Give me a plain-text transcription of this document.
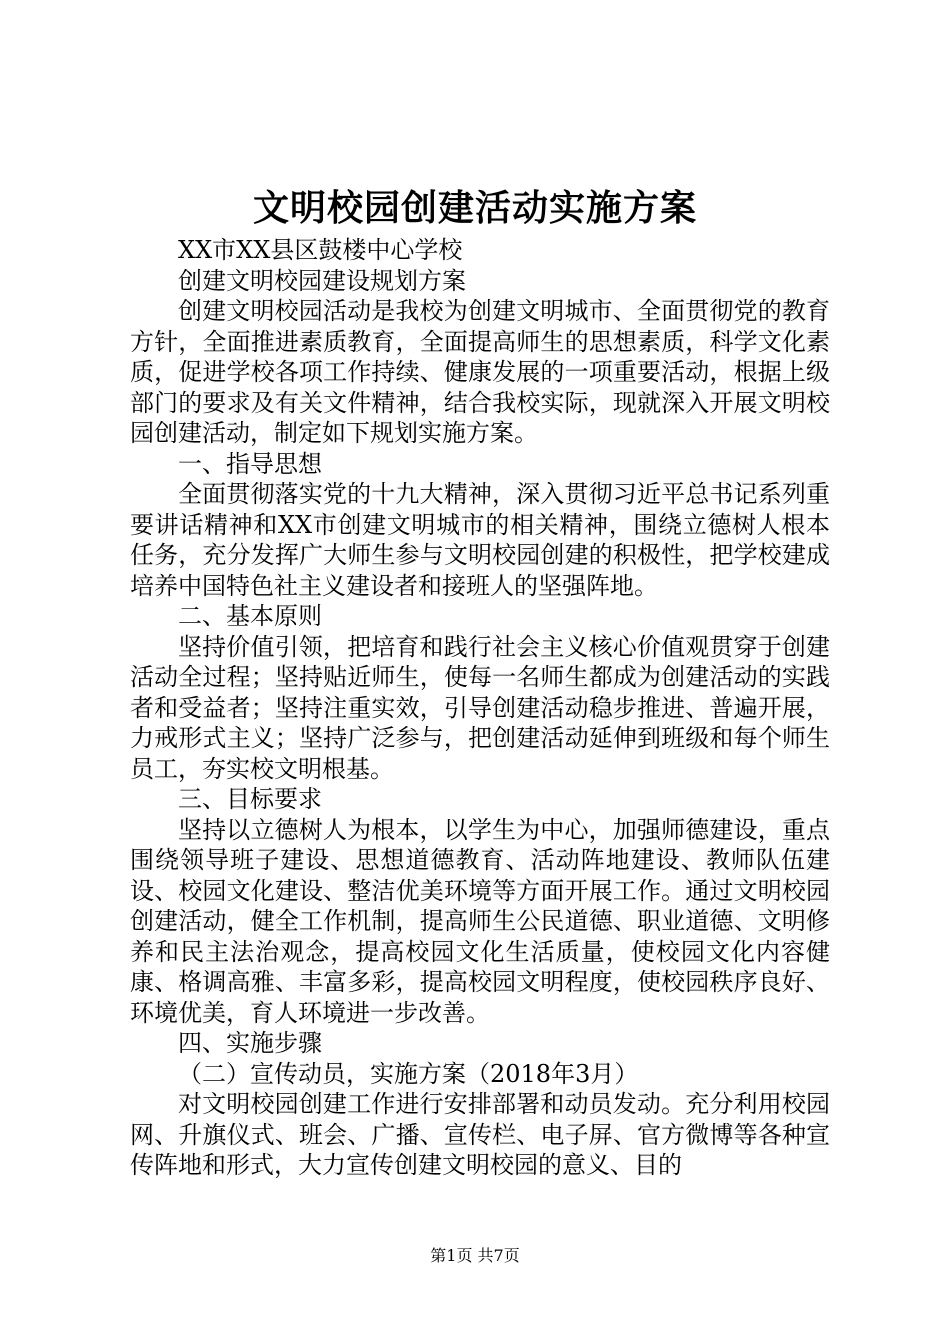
文明校园创建活动实施方案

XX市XX县区鼓楼中心学校

创建文明校园建设规划方案

创建文明校园活动是我校为创建文明城市、全面贯彻党的教育方针，全面推进素质教育，全面提高师生的思想素质，科学文化素质，促进学校各项工作持续、健康发展的一项重要活动，根据上级部门的要求及有关文件精神，结合我校实际，现就深入开展文明校园创建活动，制定如下规划实施方案。

一、指导思想

全面贯彻落实党的十九大精神，深入贯彻习近平总书记系列重要讲话精神和XX市创建文明城市的相关精神，围绕立德树人根本任务，充分发挥广大师生参与文明校园创建的积极性，把学校建成培养中国特色社主义建设者和接班人的坚强阵地。

二、基本原则

坚持价值引领，把培育和践行社会主义核心价值观贯穿于创建活动全过程；坚持贴近师生，使每一名师生都成为创建活动的实践者和受益者；坚持注重实效，引导创建活动稳步推进、普遍开展，力戒形式主义；坚持广泛参与，把创建活动延伸到班级和每个师生员工，夯实校文明根基。

三、目标要求

坚持以立德树人为根本，以学生为中心，加强师德建设，重点围绕领导班子建设、思想道德教育、活动阵地建设、教师队伍建设、校园文化建设、整洁优美环境等方面开展工作。通过文明校园创建活动，健全工作机制，提高师生公民道德、职业道德、文明修养和民主法治观念，提高校园文化生活质量，使校园文化内容健康、格调高雅、丰富多彩，提高校园文明程度，使校园秩序良好、环境优美，育人环境进一步改善。

四、实施步骤

（二）宣传动员，实施方案（2018年3月）

对文明校园创建工作进行安排部署和动员发动。充分利用校园网、升旗仪式、班会、广播、宣传栏、电子屏、官方微博等各种宣传阵地和形式，大力宣传创建文明校园的意义、目的

第1页 共7页
